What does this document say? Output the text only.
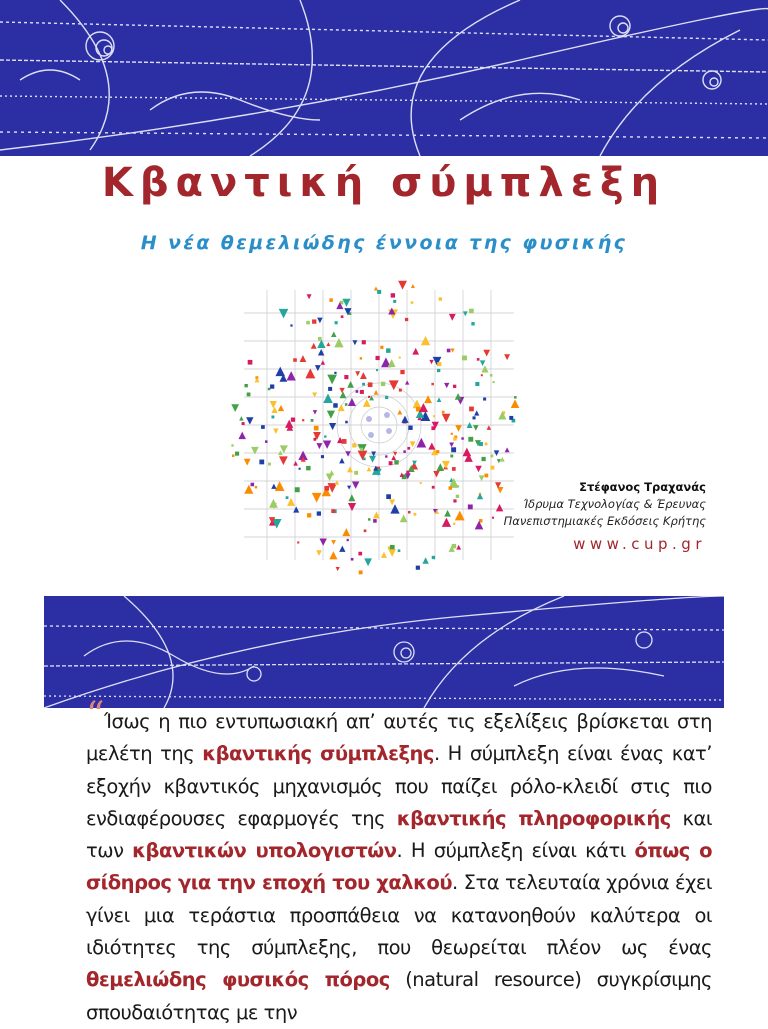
Κβαντική σύμπλεξη
Η νέα θεμελιώδης έννοια της φυσικής
Στέφανος Τραχανάς
Ίδρυμα Τεχνολογίας & Έρευνας
Πανεπιστημιακές Εκδόσεις Κρήτης
www.cup.gr
“ Ίσως η πιο εντυπωσιακή απ’ αυτές τις εξελίξεις βρίσκεται στη μελέτη της κβαντικής σύμπλεξης. Η σύμπλεξη είναι ένας κατ’ εξοχήν κβαντικός μηχανισμός που παίζει ρόλο-κλειδί στις πιο ενδιαφέρουσες εφαρμογές της κβαντικής πληροφορικής και των κβαντικών υπολογιστών. Η σύμπλεξη είναι κάτι όπως ο σίδηρος για την εποχή του χαλκού. Στα τελευταία χρόνια έχει γίνει μια τεράστια προσπάθεια να κατανοηθούν καλύτερα οι ιδιότητες της σύμπλεξης, που θεωρείται πλέον ως ένας θεμελιώδης φυσικός πόρος (natural resource) συγκρίσιμης σπουδαιότητας με την
